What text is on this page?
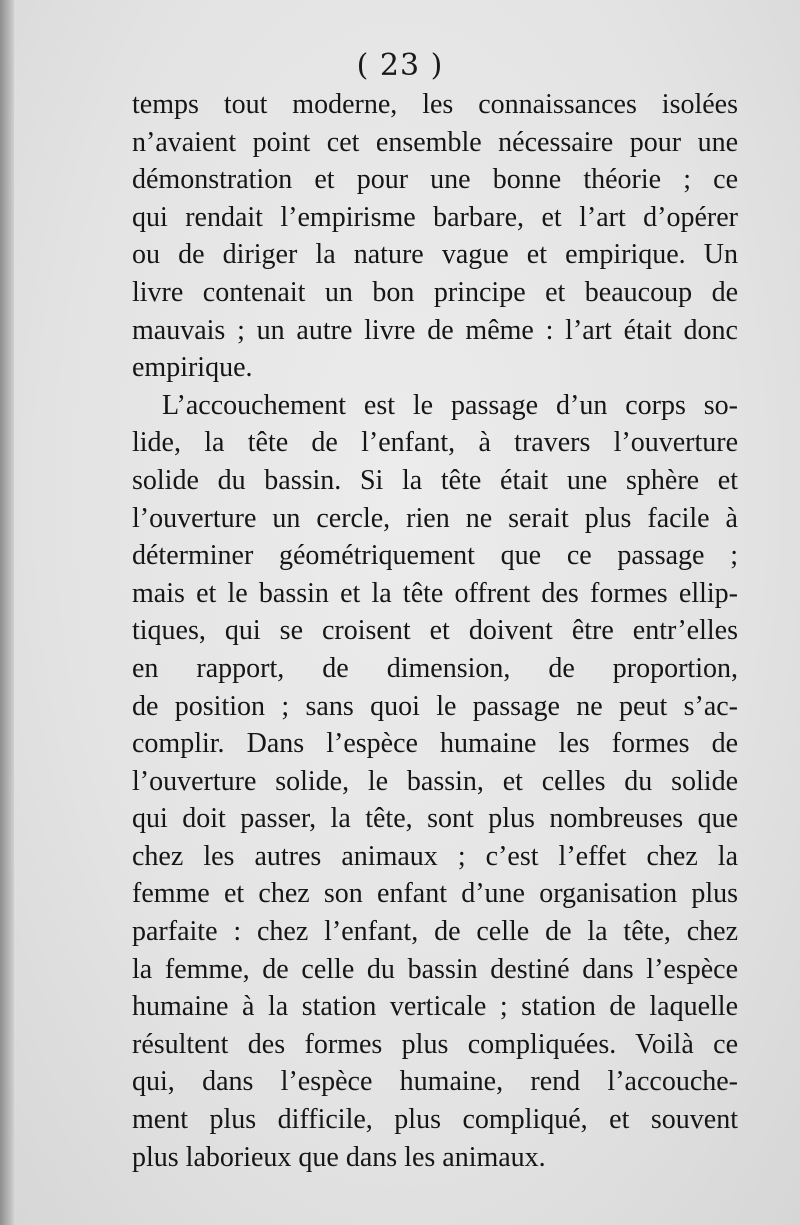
( 23 )
temps tout moderne, les connaissances isolées
n’avaient point cet ensemble nécessaire pour une
démonstration et pour une bonne théorie ; ce
qui rendait l’empirisme barbare, et l’art d’opérer
ou de diriger la nature vague et empirique. Un
livre contenait un bon principe et beaucoup de
mauvais ; un autre livre de même : l’art était donc
empirique.
L’accouchement est le passage d’un corps so-
lide, la tête de l’enfant, à travers l’ouverture
solide du bassin. Si la tête était une sphère et
l’ouverture un cercle, rien ne serait plus facile à
déterminer géométriquement que ce passage ;
mais et le bassin et la tête offrent des formes ellip-
tiques, qui se croisent et doivent être entr’elles
en rapport, de dimension, de proportion,
de position ; sans quoi le passage ne peut s’ac-
complir. Dans l’espèce humaine les formes de
l’ouverture solide, le bassin, et celles du solide
qui doit passer, la tête, sont plus nombreuses que
chez les autres animaux ; c’est l’effet chez la
femme et chez son enfant d’une organisation plus
parfaite : chez l’enfant, de celle de la tête, chez
la femme, de celle du bassin destiné dans l’espèce
humaine à la station verticale ; station de laquelle
résultent des formes plus compliquées. Voilà ce
qui, dans l’espèce humaine, rend l’accouche-
ment plus difficile, plus compliqué, et souvent
plus laborieux que dans les animaux.
